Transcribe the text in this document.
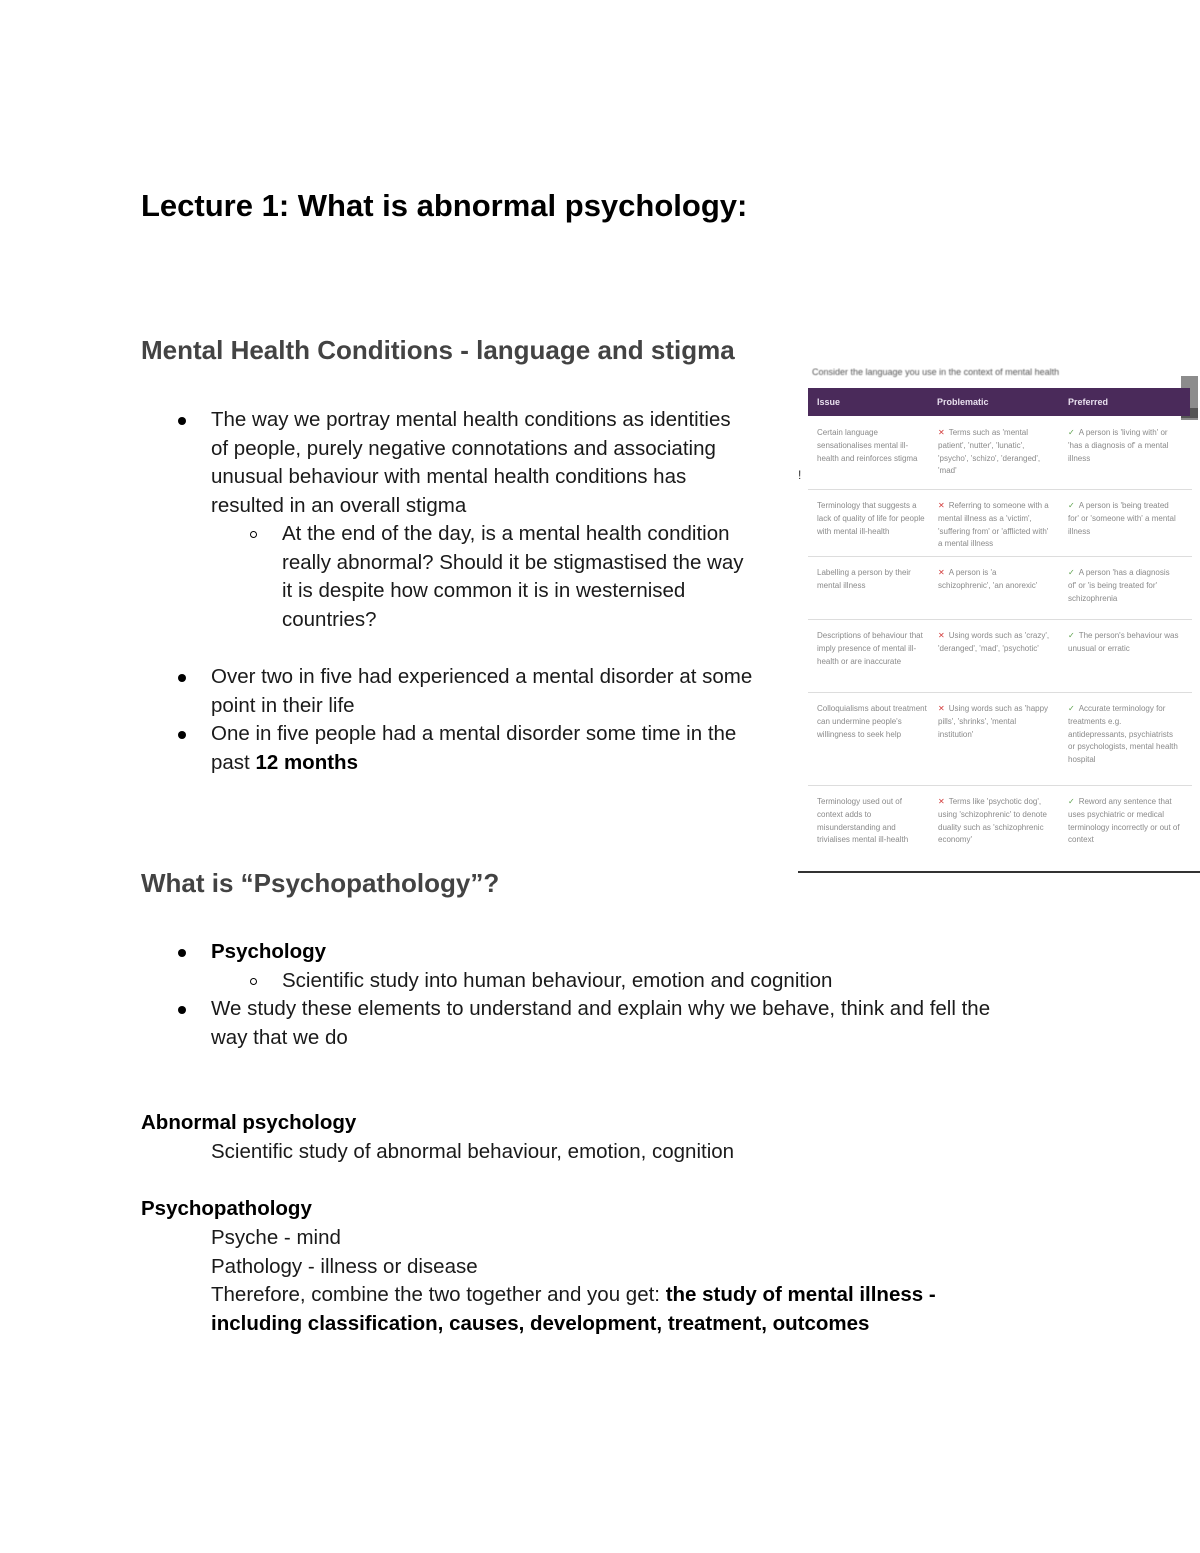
Lecture 1: What is abnormal psychology:
Mental Health Conditions - language and stigma
The way we portray mental health conditions as identities
of people, purely negative connotations and associating
unusual behaviour with mental health conditions has
resulted in an overall stigma
At the end of the day, is a mental health condition
really abnormal? Should it be stigmastised the way
it is despite how common it is in westernised
countries?
Over two in five had experienced a mental disorder at some
point in their life
One in five people had a mental disorder some time in the
past 12 months
!
Consider the language you use in the context of mental health
Issue	Problematic	Preferred
Certain language sensationalises mental ill-health and reinforces stigma
✕ Terms such as 'mental patient', 'nutter', 'lunatic', 'psycho', 'schizo', 'deranged', 'mad'
✓ A person is 'living with' or 'has a diagnosis of' a mental illness
Terminology that suggests a lack of quality of life for people with mental ill-health
✕ Referring to someone with a mental illness as a 'victim', 'suffering from' or 'afflicted with' a mental illness
✓ A person is 'being treated for' or 'someone with' a mental illness
Labelling a person by their mental illness
✕ A person is 'a schizophrenic', 'an anorexic'
✓ A person 'has a diagnosis of' or 'is being treated for' schizophrenia
Descriptions of behaviour that imply presence of mental ill-health or are inaccurate
✕ Using words such as 'crazy', 'deranged', 'mad', 'psychotic'
✓ The person's behaviour was unusual or erratic
Colloquialisms about treatment can undermine people's willingness to seek help
✕ Using words such as 'happy pills', 'shrinks', 'mental institution'
✓ Accurate terminology for treatments e.g. antidepressants, psychiatrists or psychologists, mental health hospital
Terminology used out of context adds to misunderstanding and trivialises mental ill-health
✕ Terms like 'psychotic dog', using 'schizophrenic' to denote duality such as 'schizophrenic economy'
✓ Reword any sentence that uses psychiatric or medical terminology incorrectly or out of context
What is “Psychopathology”?
Psychology
Scientific study into human behaviour, emotion and cognition
We study these elements to understand and explain why we behave, think and fell the
way that we do
Abnormal psychology
Scientific study of abnormal behaviour, emotion, cognition
Psychopathology
Psyche - mind
Pathology - illness or disease
Therefore, combine the two together and you get: the study of mental illness -
including classification, causes, development, treatment, outcomes
